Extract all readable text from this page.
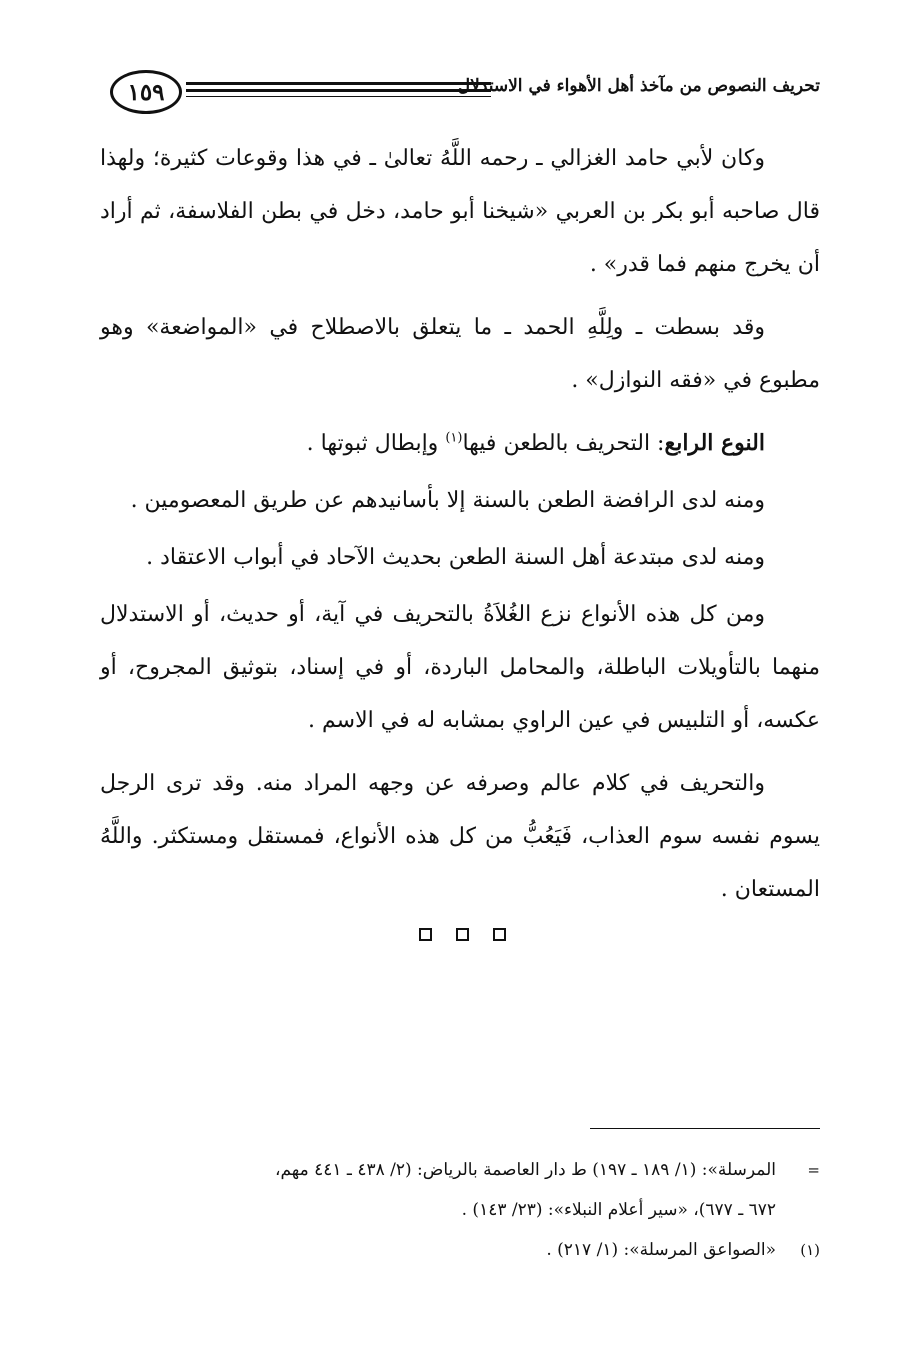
١٥٩	تحريف النصوص من مآخذ أهل الأهواء في الاستدلال

وكان لأبي حامد الغزالي ـ رحمه اللَّهُ تعالىٰ ـ في هذا وقوعات كثيرة؛ ولهذا قال صاحبه أبو بكر بن العربي «شيخنا أبو حامد، دخل في بطن الفلاسفة، ثم أراد أن يخرج منهم فما قدر» .

وقد بسطت ـ ولِلَّهِ الحمد ـ ما يتعلق بالاصطلاح في «المواضعة» وهو مطبوع في «فقه النوازل» .

النوع الرابع: التحريف بالطعن فيها$^{(١)}$ وإبطال ثبوتها .

ومنه لدى الرافضة الطعن بالسنة إلا بأسانيدهم عن طريق المعصومين .

ومنه لدى مبتدعة أهل السنة الطعن بحديث الآحاد في أبواب الاعتقاد .

ومن كل هذه الأنواع نزع الغُلاَةُ بالتحريف في آية، أو حديث، أو الاستدلال منهما بالتأويلات الباطلة، والمحامل الباردة، أو في إسناد، بتوثيق المجروح، أو عكسه، أو التلبيس في عين الراوي بمشابه له في الاسم .

والتحريف في كلام عالم وصرفه عن وجهه المراد منه. وقد ترى الرجل يسوم نفسه سوم العذاب، فَيَعُبُّ من كل هذه الأنواع، فمستقل ومستكثر. واللَّهُ المستعان .

=
المرسلة»: (١/ ١٨٩ ـ ١٩٧) ط دار العاصمة بالرياض: (٢/ ٤٣٨ ـ ٤٤١ مهم،
٦٧٢ ـ ٦٧٧)، «سير أعلام النبلاء»: (٢٣/ ١٤٣) .
(١)
«الصواعق المرسلة»: (١/ ٢١٧) .
